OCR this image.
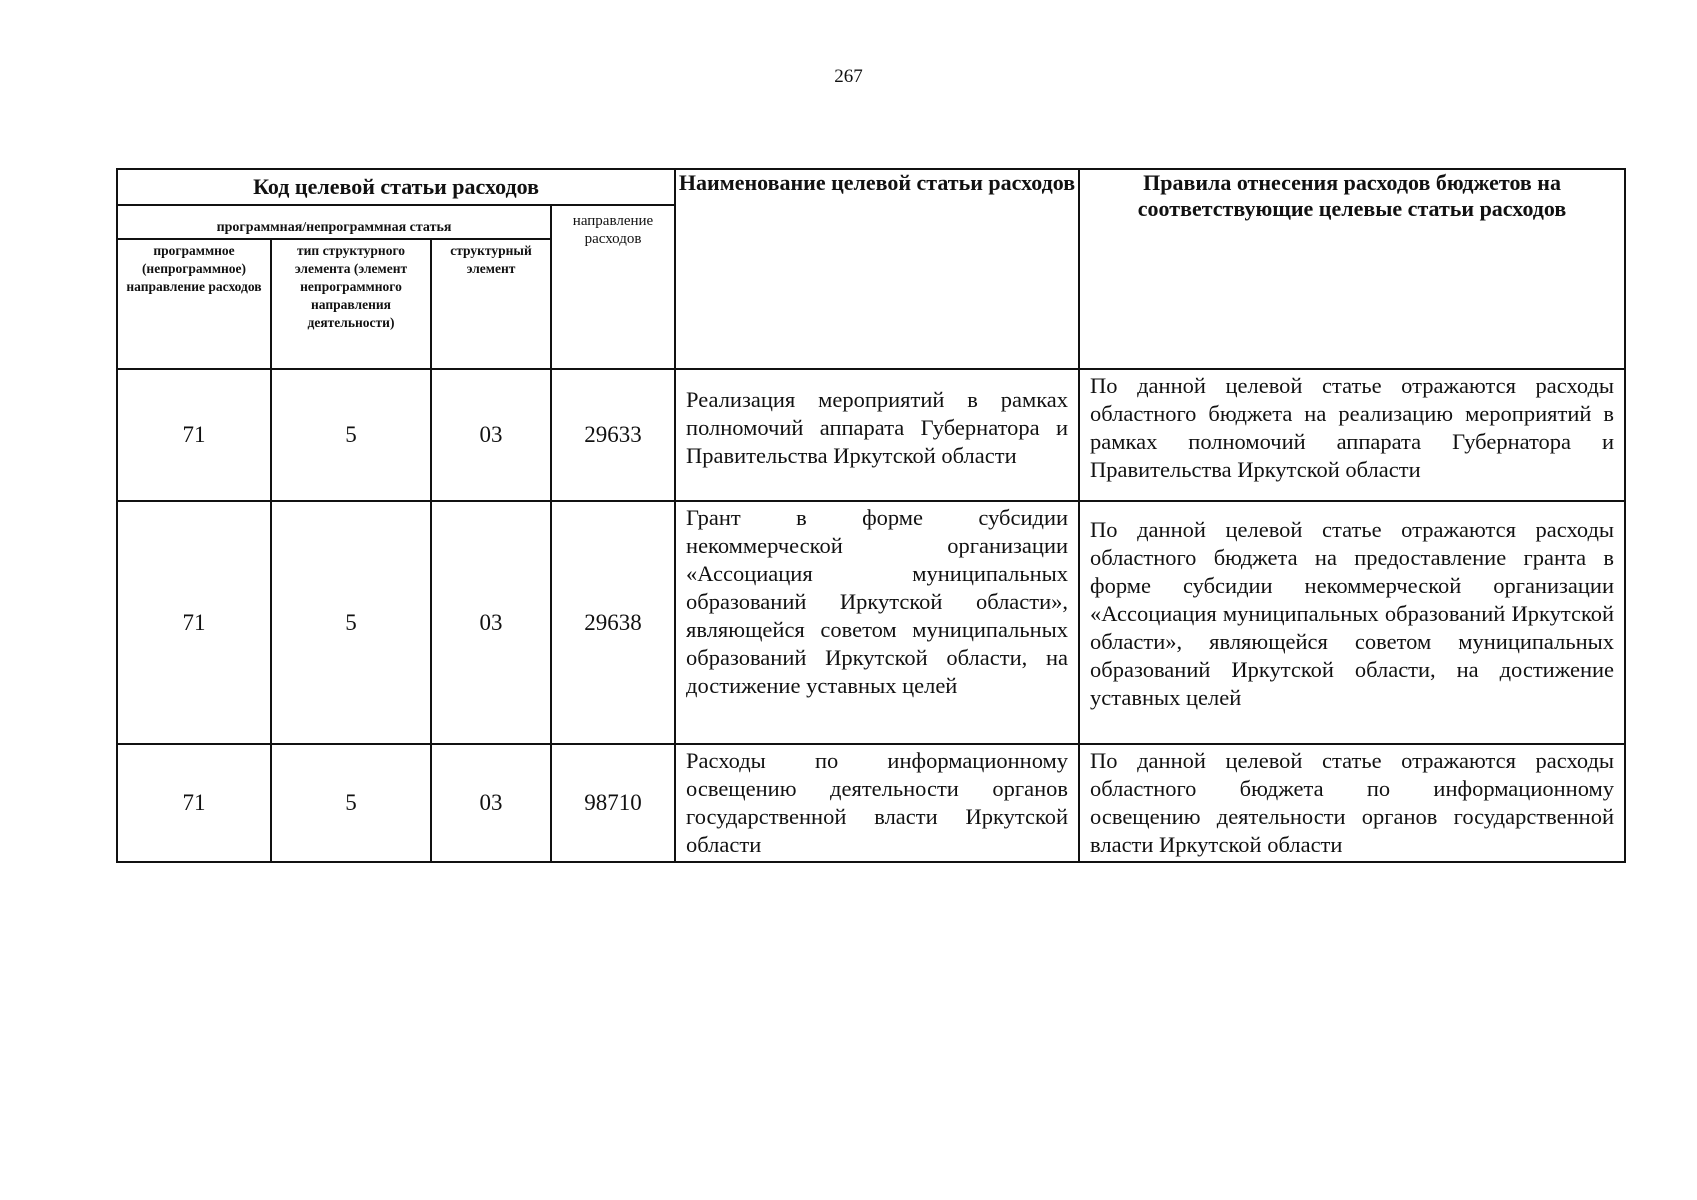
267
Код целевой статьи расходов				Наименование целевой статьи расходов	Правила отнесения расходов бюджетов на соответствующие целевые статьи расходов
программная/непрограммная статья			направление расходов		
программное (непрограммное) направление расходов	тип структурного элемента (элемент непрограммного направления деятельности)	структурный элемент			
71	5	03	29633	Реализация мероприятий в рамках полномочий аппарата Губернатора и Правительства Иркутской области	По данной целевой статье отражаются расходы областного бюджета на реализацию мероприятий в рамках полномочий аппарата Губернатора и Правительства Иркутской области
71	5	03	29638	Грант в форме субсидии некоммерческой организации «Ассоциация муниципальных образований Иркутской области», являющейся советом муниципальных образований Иркутской области, на достижение уставных целей	По данной целевой статье отражаются расходы областного бюджета на предоставление гранта в форме субсидии некоммерческой организации «Ассоциация муниципальных образований Иркутской области», являющейся советом муниципальных образований Иркутской области, на достижение уставных целей
71	5	03	98710	Расходы по информационному освещению деятельности органов государственной власти Иркутской области	По данной целевой статье отражаются расходы областного бюджета по информационному освещению деятельности органов государственной власти Иркутской области
